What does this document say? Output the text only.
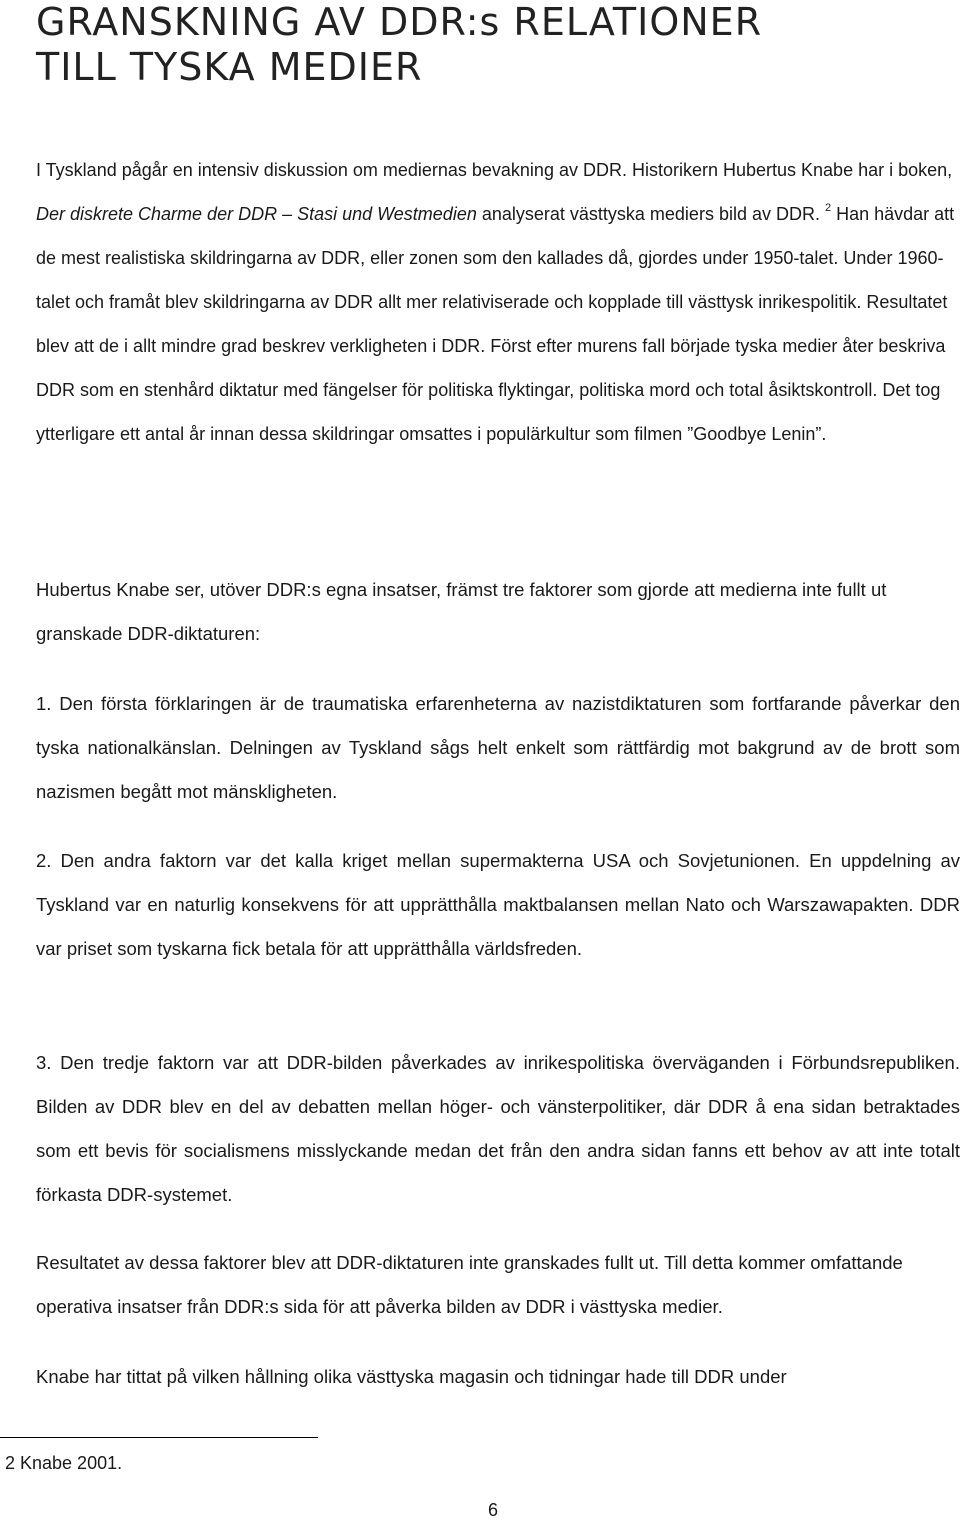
GRANSKNING AV DDR:s RELATIONER
TILL TYSKA MEDIER

I Tyskland pågår en intensiv diskussion om mediernas bevakning av DDR. Historikern Hubertus Knabe har i boken, Der diskrete Charme der DDR – Stasi und Westmedien analyserat västtyska mediers bild av DDR. $^2$ Han hävdar att de mest realistiska skildringarna av DDR, eller zonen som den kallades då, gjordes under 1950-talet. Under 1960-talet och framåt blev skildringarna av DDR allt mer relativiserade och kopplade till västtysk inrikespolitik. Resultatet blev att de i allt mindre grad beskrev verkligheten i DDR. Först efter murens fall började tyska medier åter beskriva DDR som en stenhård diktatur med fängelser för politiska flyktingar, politiska mord och total åsiktskontroll. Det tog ytterligare ett antal år innan dessa skildringar omsattes i populärkultur som filmen ”Goodbye Lenin”.

Hubertus Knabe ser, utöver DDR:s egna insatser, främst tre faktorer som gjorde att medierna inte fullt ut granskade DDR-diktaturen:

1. Den första förklaringen är de traumatiska erfarenheterna av nazistdiktaturen som fortfarande påverkar den tyska nationalkänslan. Delningen av Tyskland sågs helt enkelt som rättfärdig mot bakgrund av de brott som nazismen begått mot mänskligheten.

2. Den andra faktorn var det kalla kriget mellan supermakterna USA och Sovjetunionen. En uppdelning av Tyskland var en naturlig konsekvens för att upprätthålla maktbalansen mellan Nato och Warszawapakten. DDR var priset som tyskarna fick betala för att upprätthålla världsfreden.

3. Den tredje faktorn var att DDR-bilden påverkades av inrikespolitiska överväganden i Förbundsrepubliken. Bilden av DDR blev en del av debatten mellan höger- och vänsterpolitiker, där DDR å ena sidan betraktades som ett bevis för socialismens misslyckande medan det från den andra sidan fanns ett behov av att inte totalt förkasta DDR-systemet.

Resultatet av dessa faktorer blev att DDR-diktaturen inte granskades fullt ut. Till detta kommer omfattande operativa insatser från DDR:s sida för att påverka bilden av DDR i västtyska medier.

Knabe har tittat på vilken hållning olika västtyska magasin och tidningar hade till DDR under

2 Knabe 2001.

6
